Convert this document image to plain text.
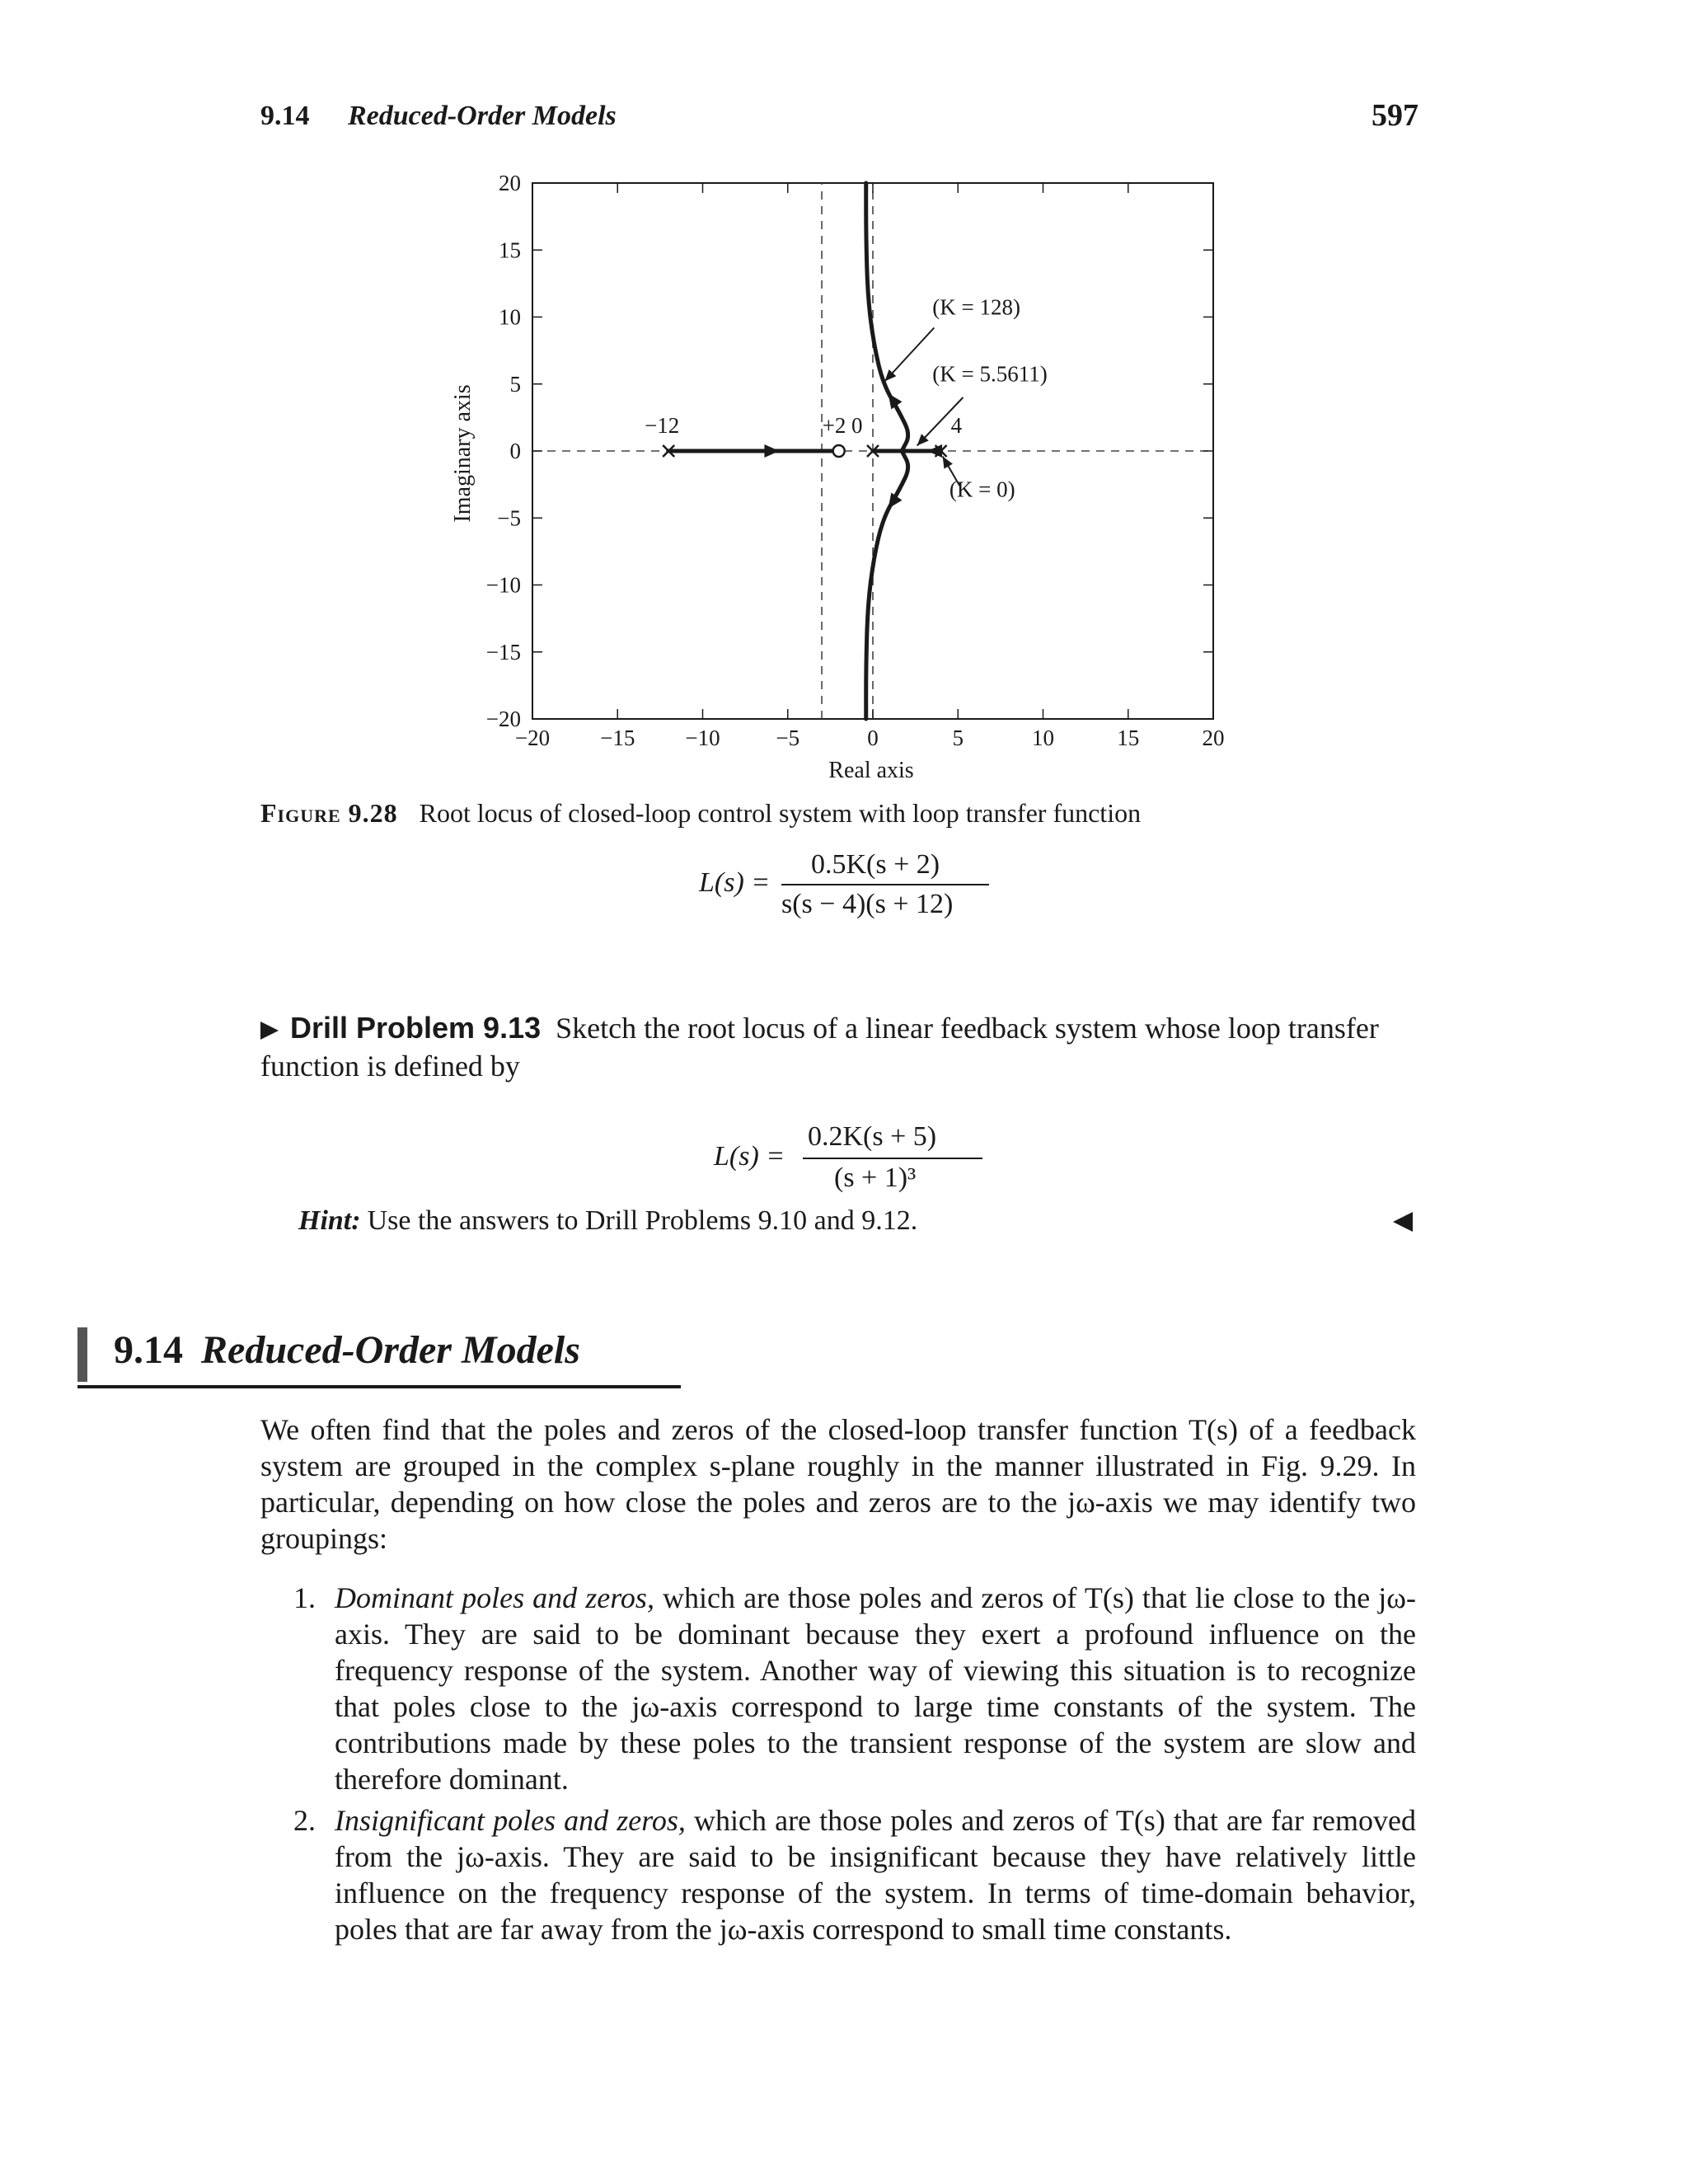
9.14 Reduced-Order Models	597
−20 −15 −10	−5	0	5	10	15	20
20
15
10
5
0
−5
−10
−15
−20
−12	+2 0	4
(K = 128)
(K = 5.5611)
(K = 0)
Real axis
Imaginary axis
Figure 9.28 Root locus of closed-loop control system with loop transfer function
L(s) =
0.5K(s + 2)
s(s − 4)(s + 12)
Drill Problem 9.13 Sketch the root locus of a linear feedback system whose loop transfer function is defined by
L(s) =
0.2K(s + 5)
(s + 1)³
Hint: Use the answers to Drill Problems 9.10 and 9.12.
9.14 Reduced-Order Models
We often find that the poles and zeros of the closed-loop transfer function T(s) of a feedback system are grouped in the complex s-plane roughly in the manner illustrated in Fig. 9.29. In particular, depending on how close the poles and zeros are to the jω-axis we may identify two groupings:
1. Dominant poles and zeros, which are those poles and zeros of T(s) that lie close to the jω-axis. They are said to be dominant because they exert a profound influence on the frequency response of the system. Another way of viewing this situation is to recognize that poles close to the jω-axis correspond to large time constants of the system. The contributions made by these poles to the transient response of the system are slow and therefore dominant.
2. Insignificant poles and zeros, which are those poles and zeros of T(s) that are far removed from the jω-axis. They are said to be insignificant because they have relatively little influence on the frequency response of the system. In terms of time-domain behavior, poles that are far away from the jω-axis correspond to small time constants.
